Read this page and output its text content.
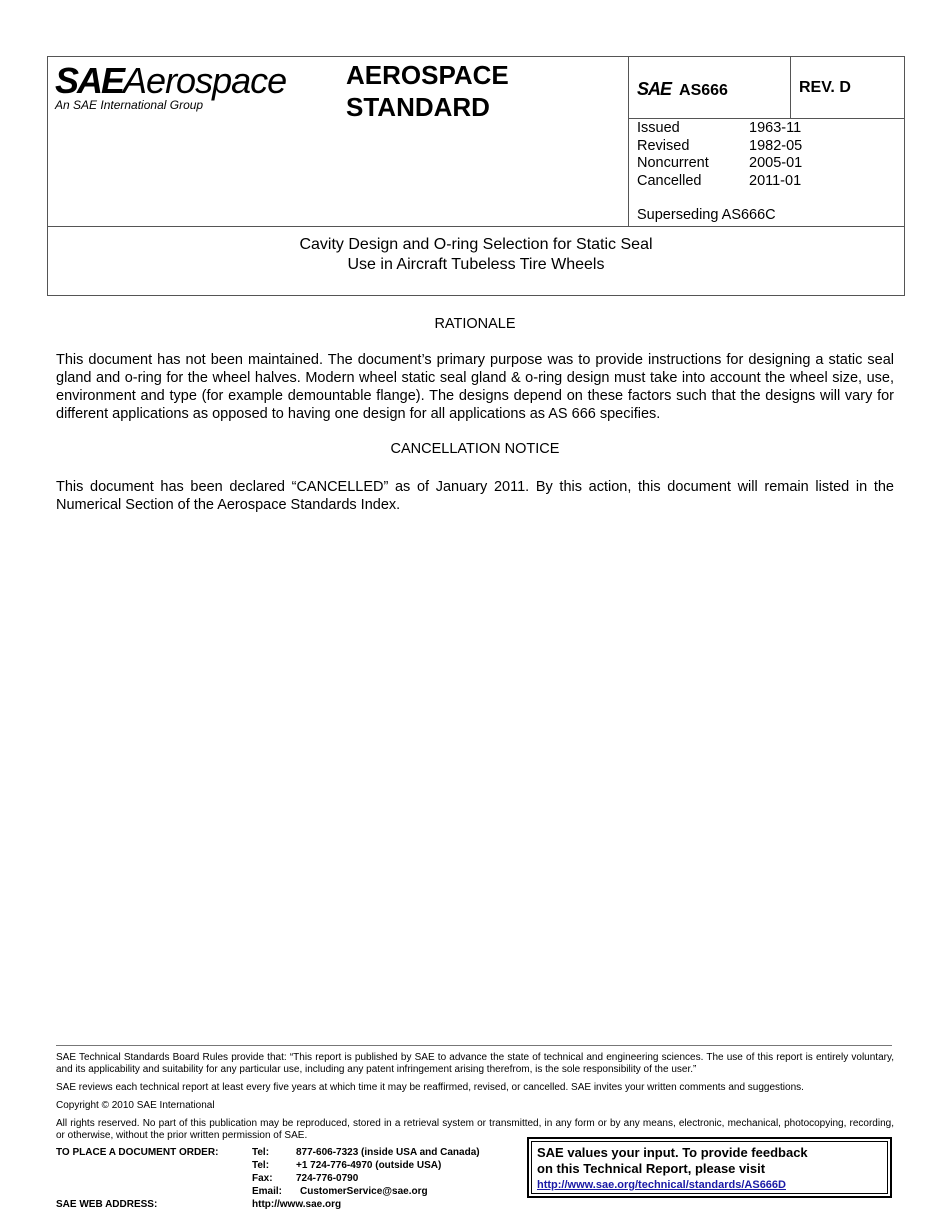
SAEAerospace
An SAE International Group
AEROSPACE
STANDARD
SAE AS666	REV. D
Issued	1963-11
Revised	1982-05
Noncurrent	2005-01
Cancelled	2011-01
Superseding AS666C
Cavity Design and O-ring Selection for Static Seal
Use in Aircraft Tubeless Tire Wheels
RATIONALE
This document has not been maintained. The document’s primary purpose was to provide instructions for designing a static seal gland and o-ring for the wheel halves. Modern wheel static seal gland & o-ring design must take into account the wheel size, use, environment and type (for example demountable flange). The designs depend on these factors such that the designs will vary for different applications as opposed to having one design for all applications as AS 666 specifies.
CANCELLATION NOTICE
This document has been declared “CANCELLED” as of January 2011. By this action, this document will remain listed in the Numerical Section of the Aerospace Standards Index.
SAE Technical Standards Board Rules provide that: “This report is published by SAE to advance the state of technical and engineering sciences. The use of this report is entirely voluntary, and its applicability and suitability for any particular use, including any patent infringement arising therefrom, is the sole responsibility of the user.”
SAE reviews each technical report at least every five years at which time it may be reaffirmed, revised, or cancelled. SAE invites your written comments and suggestions.
Copyright © 2010 SAE International
All rights reserved. No part of this publication may be reproduced, stored in a retrieval system or transmitted, in any form or by any means, electronic, mechanical, photocopying, recording, or otherwise, without the prior written permission of SAE.
TO PLACE A DOCUMENT ORDER:	Tel:	877-606-7323 (inside USA and Canada)
Tel:	+1 724-776-4970 (outside USA)
Fax:	724-776-0790
Email:	CustomerService@sae.org
SAE WEB ADDRESS:	http://www.sae.org
SAE values your input. To provide feedback
on this Technical Report, please visit
http://www.sae.org/technical/standards/AS666D
